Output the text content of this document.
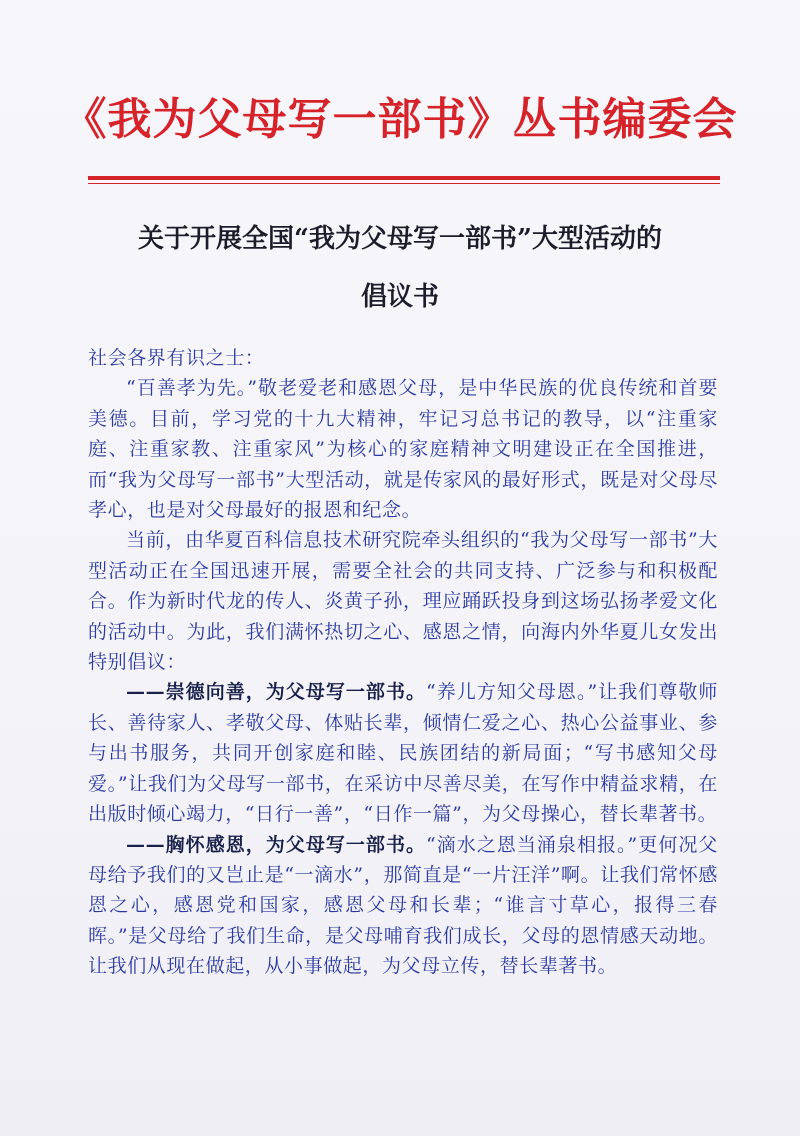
《我为父母写一部书》丛书编委会
关于开展全国“我为父母写一部书”大型活动的
倡议书

社会各界有识之士：

“百善孝为先。”敬老爱老和感恩父母，是中华民族的优良传统和首要美德。目前，学习党的十九大精神，牢记习总书记的教导，以“注重家庭、注重家教、注重家风”为核心的家庭精神文明建设正在全国推进，而“我为父母写一部书”大型活动，就是传家风的最好形式，既是对父母尽孝心，也是对父母最好的报恩和纪念。

当前，由华夏百科信息技术研究院牵头组织的“我为父母写一部书”大型活动正在全国迅速开展，需要全社会的共同支持、广泛参与和积极配合。作为新时代龙的传人、炎黄子孙，理应踊跃投身到这场弘扬孝爱文化的活动中。为此，我们满怀热切之心、感恩之情，向海内外华夏儿女发出特别倡议：

——崇德向善，为父母写一部书。“养儿方知父母恩。”让我们尊敬师长、善待家人、孝敬父母、体贴长辈，倾情仁爱之心、热心公益事业、参与出书服务，共同开创家庭和睦、民族团结的新局面；“写书感知父母爱。”让我们为父母写一部书，在采访中尽善尽美，在写作中精益求精，在出版时倾心竭力，“日行一善”，“日作一篇”，为父母操心，替长辈著书。

——胸怀感恩，为父母写一部书。“滴水之恩当涌泉相报。”更何况父母给予我们的又岂止是“一滴水”，那简直是“一片汪洋”啊。让我们常怀感恩之心，感恩党和国家，感恩父母和长辈；“谁言寸草心，报得三春晖。”是父母给了我们生命，是父母哺育我们成长，父母的恩情感天动地。让我们从现在做起，从小事做起，为父母立传，替长辈著书。
